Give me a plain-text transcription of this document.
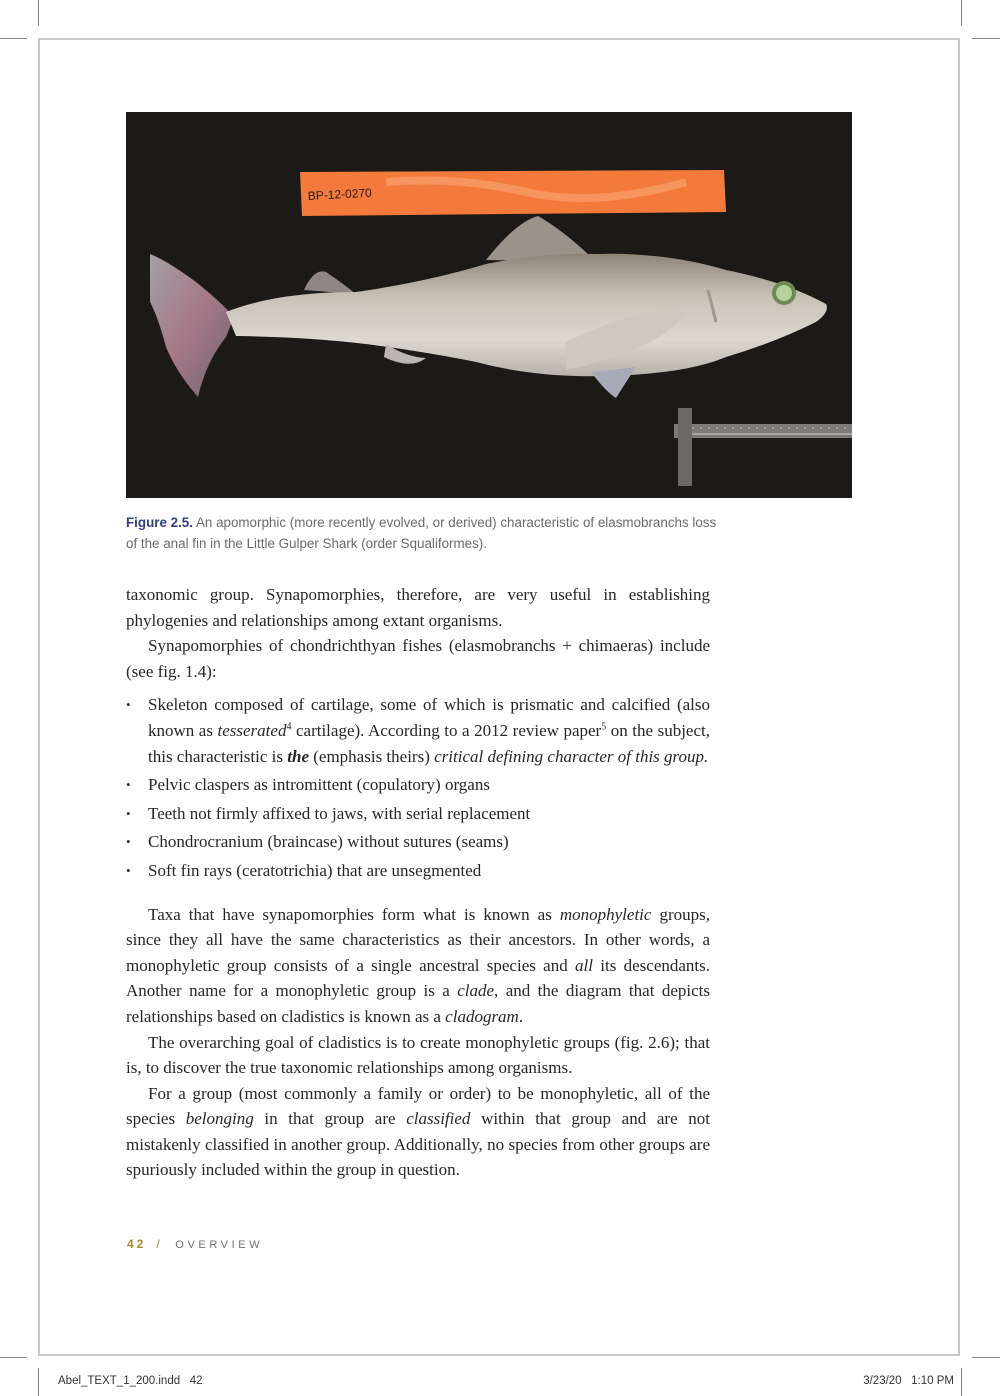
BP-12-0270
Figure 2.5. An apomorphic (more recently evolved, or derived) characteristic of elasmobranchs loss of the anal fin in the Little Gulper Shark (order Squaliformes).

taxonomic group. Synapomorphies, therefore, are very useful in establishing phylogenies and relationships among extant organisms.

Synapomorphies of chondrichthyan fishes (elasmobranchs + chimaeras) include (see fig. 1.4):

• Skeleton composed of cartilage, some of which is prismatic and calcified (also known as tesserated$^4$ cartilage). According to a 2012 review paper$^5$ on the subject, this characteristic is the (emphasis theirs) critical defining character of this group.
• Pelvic claspers as intromittent (copulatory) organs
• Teeth not firmly affixed to jaws, with serial replacement
• Chondrocranium (braincase) without sutures (seams)
• Soft fin rays (ceratotrichia) that are unsegmented

Taxa that have synapomorphies form what is known as monophyletic groups, since they all have the same characteristics as their ancestors. In other words, a monophyletic group consists of a single ancestral species and all its descendants. Another name for a monophyletic group is a clade, and the diagram that depicts relationships based on cladistics is known as a cladogram.

The overarching goal of cladistics is to create monophyletic groups (fig. 2.6); that is, to discover the true taxonomic relationships among organisms.

For a group (most commonly a family or order) to be monophyletic, all of the species belonging in that group are classified within that group and are not mistakenly classified in another group. Additionally, no species from other groups are spuriously included within the group in question.

42 / OVERVIEW
Abel_TEXT_1_200.indd   42	3/23/20   1:10 PM
